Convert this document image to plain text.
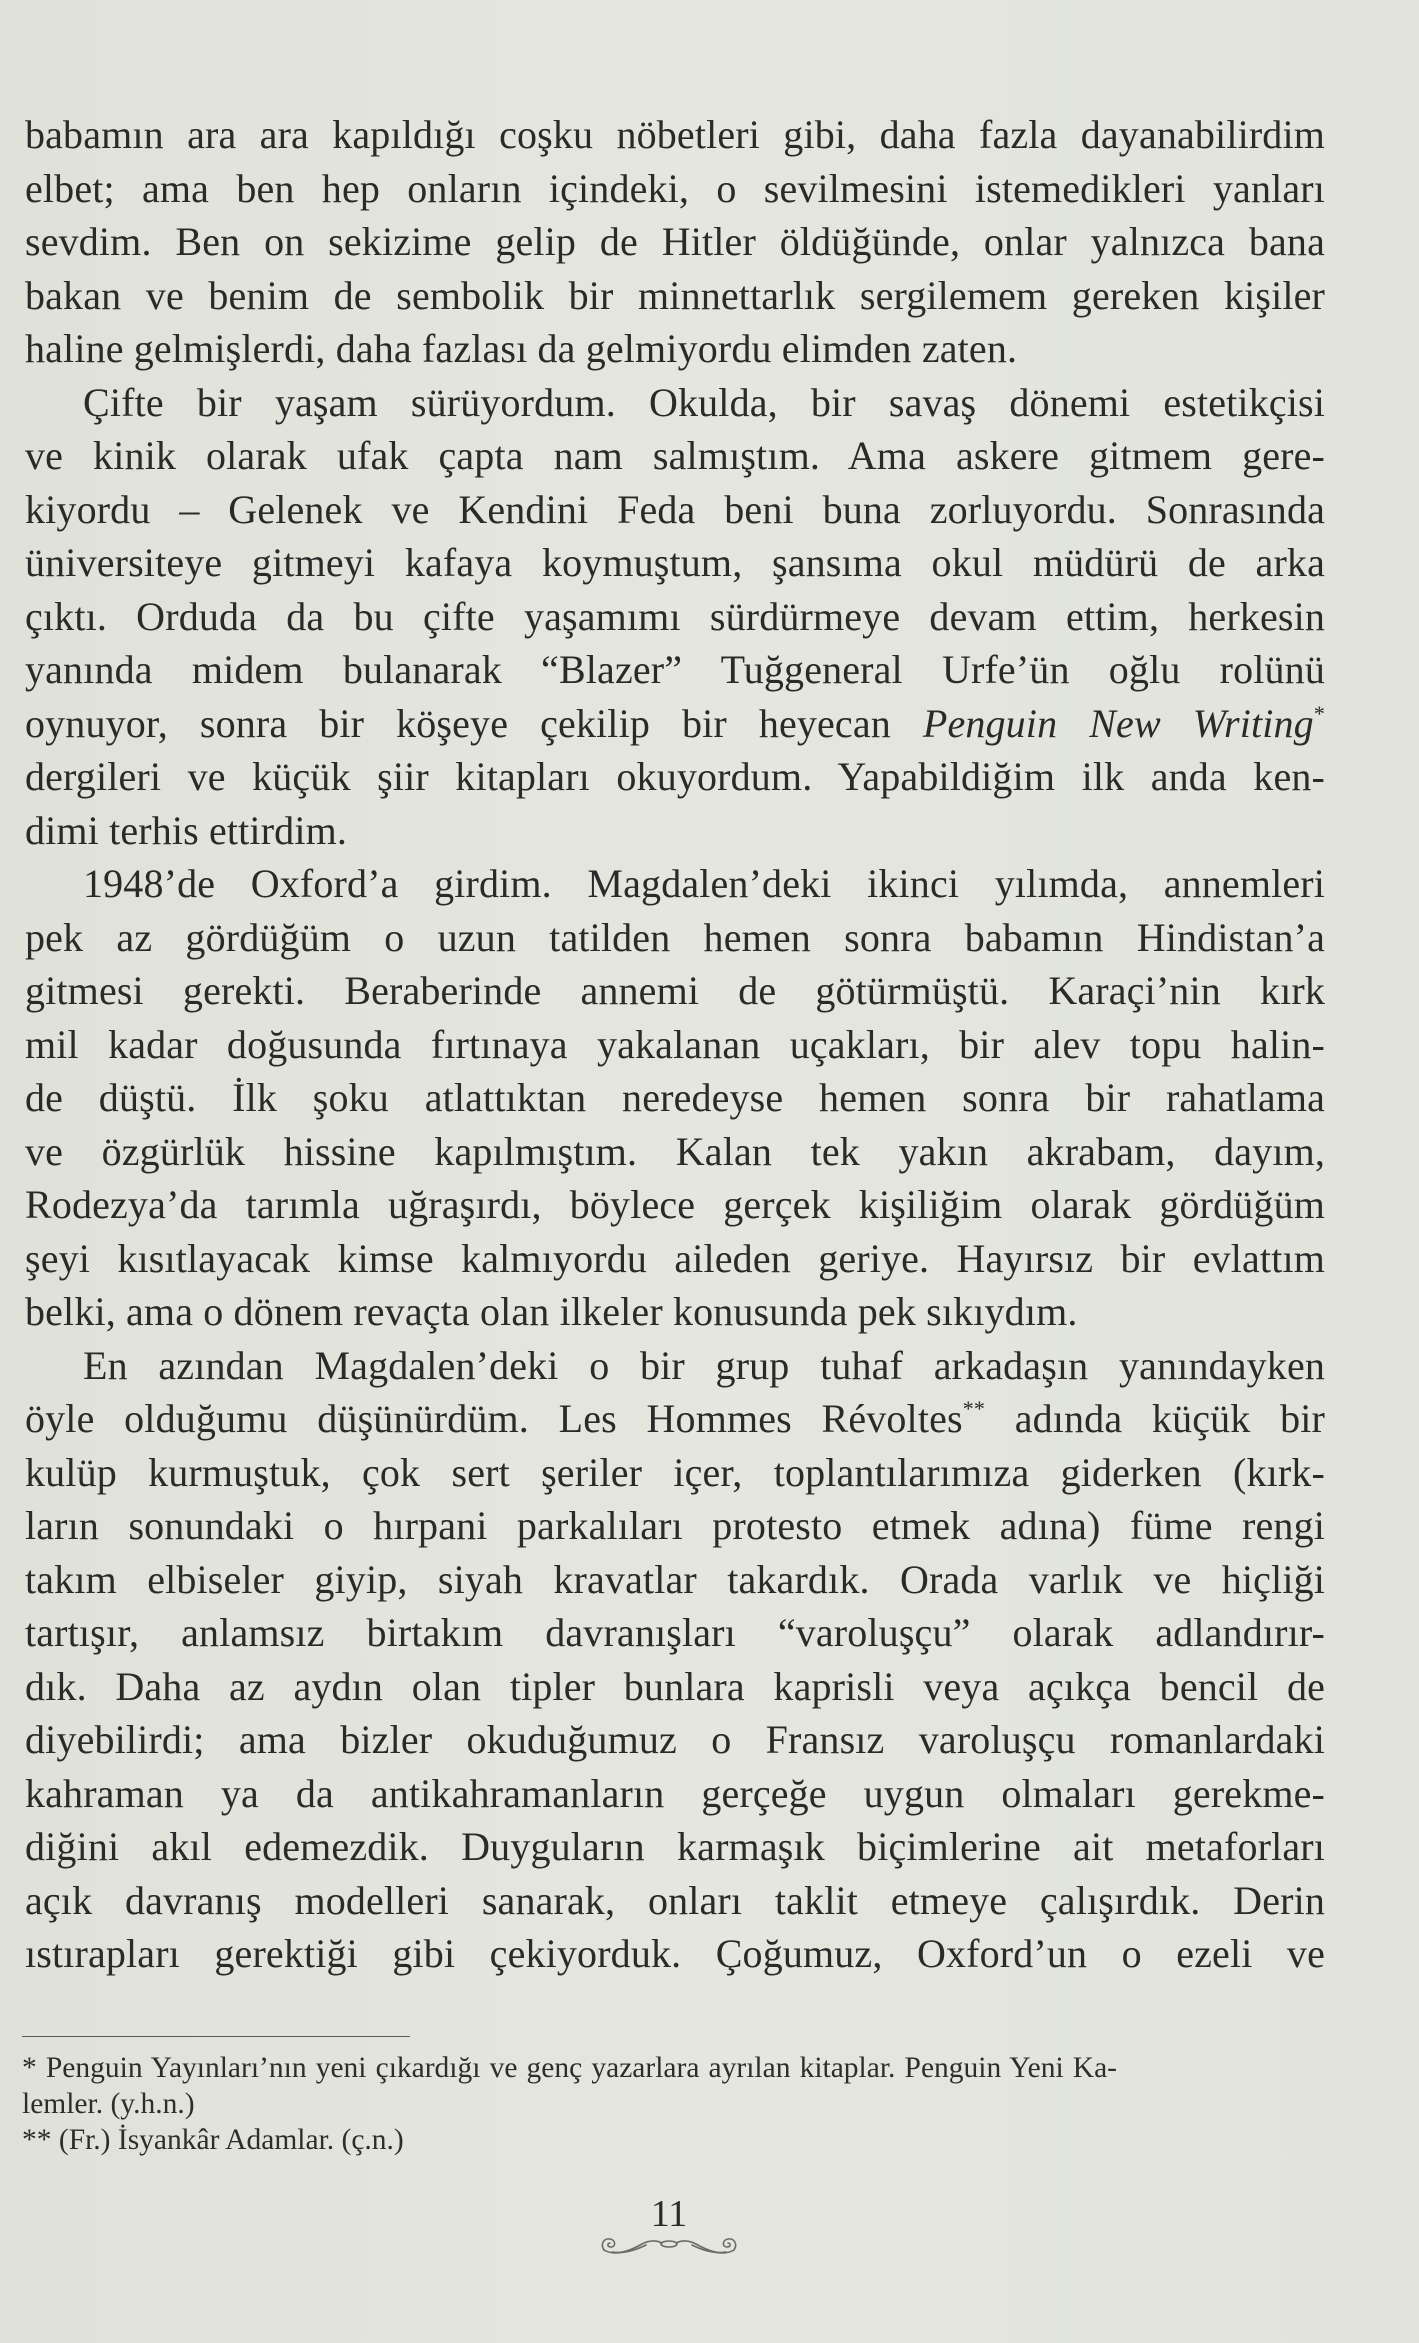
babamın ara ara kapıldığı coşku nöbetleri gibi, daha fazla dayanabilirdim
elbet; ama ben hep onların içindeki, o sevilmesini istemedikleri yanları
sevdim. Ben on sekizime gelip de Hitler öldüğünde, onlar yalnızca bana
bakan ve benim de sembolik bir minnettarlık sergilemem gereken kişiler
haline gelmişlerdi, daha fazlası da gelmiyordu elimden zaten.
Çifte bir yaşam sürüyordum. Okulda, bir savaş dönemi estetikçisi
ve kinik olarak ufak çapta nam salmıştım. Ama askere gitmem gere-
kiyordu – Gelenek ve Kendini Feda beni buna zorluyordu. Sonrasında
üniversiteye gitmeyi kafaya koymuştum, şansıma okul müdürü de arka
çıktı. Orduda da bu çifte yaşamımı sürdürmeye devam ettim, herkesin
yanında midem bulanarak “Blazer” Tuğgeneral Urfe’ün oğlu rolünü
oynuyor, sonra bir köşeye çekilip bir heyecan Penguin New Writing*
dergileri ve küçük şiir kitapları okuyordum. Yapabildiğim ilk anda ken-
dimi terhis ettirdim.
1948’de Oxford’a girdim. Magdalen’deki ikinci yılımda, annemleri
pek az gördüğüm o uzun tatilden hemen sonra babamın Hindistan’a
gitmesi gerekti. Beraberinde annemi de götürmüştü. Karaçi’nin kırk
mil kadar doğusunda fırtınaya yakalanan uçakları, bir alev topu halin-
de düştü. İlk şoku atlattıktan neredeyse hemen sonra bir rahatlama
ve özgürlük hissine kapılmıştım. Kalan tek yakın akrabam, dayım,
Rodezya’da tarımla uğraşırdı, böylece gerçek kişiliğim olarak gördüğüm
şeyi kısıtlayacak kimse kalmıyordu aileden geriye. Hayırsız bir evlattım
belki, ama o dönem revaçta olan ilkeler konusunda pek sıkıydım.
En azından Magdalen’deki o bir grup tuhaf arkadaşın yanındayken
öyle olduğumu düşünürdüm. Les Hommes Révoltes** adında küçük bir
kulüp kurmuştuk, çok sert şeriler içer, toplantılarımıza giderken (kırk-
ların sonundaki o hırpani parkalıları protesto etmek adına) füme rengi
takım elbiseler giyip, siyah kravatlar takardık. Orada varlık ve hiçliği
tartışır, anlamsız birtakım davranışları “varoluşçu” olarak adlandırır-
dık. Daha az aydın olan tipler bunlara kaprisli veya açıkça bencil de
diyebilirdi; ama bizler okuduğumuz o Fransız varoluşçu romanlardaki
kahraman ya da antikahramanların gerçeğe uygun olmaları gerekme-
diğini akıl edemezdik. Duyguların karmaşık biçimlerine ait metaforları
açık davranış modelleri sanarak, onları taklit etmeye çalışırdık. Derin
ıstırapları gerektiği gibi çekiyorduk. Çoğumuz, Oxford’un o ezeli ve
* Penguin Yayınları’nın yeni çıkardığı ve genç yazarlara ayrılan kitaplar. Penguin Yeni Ka-
lemler. (y.h.n.)
** (Fr.) İsyankâr Adamlar. (ç.n.)
11
